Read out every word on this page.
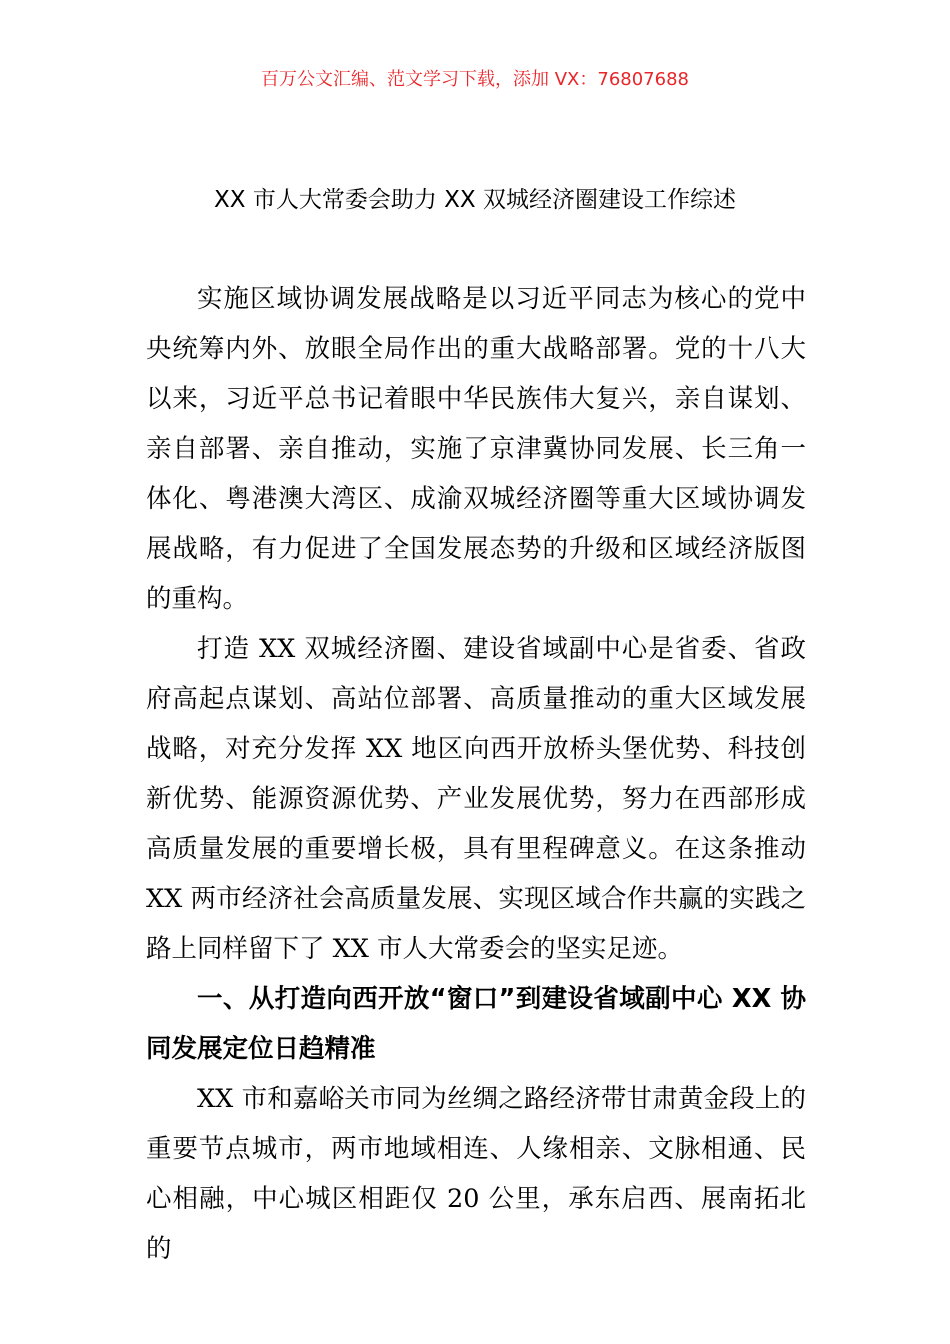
百万公文汇编、范文学习下载，添加 VX：76807688
XX 市人大常委会助力 XX 双城经济圈建设工作综述

实施区域协调发展战略是以习近平同志为核心的党中央统筹内外、放眼全局作出的重大战略部署。党的十八大以来，习近平总书记着眼中华民族伟大复兴，亲自谋划、亲自部署、亲自推动，实施了京津冀协同发展、长三角一体化、粤港澳大湾区、成渝双城经济圈等重大区域协调发展战略，有力促进了全国发展态势的升级和区域经济版图的重构。

打造 XX 双城经济圈、建设省域副中心是省委、省政府高起点谋划、高站位部署、高质量推动的重大区域发展战略，对充分发挥 XX 地区向西开放桥头堡优势、科技创新优势、能源资源优势、产业发展优势，努力在西部形成高质量发展的重要增长极，具有里程碑意义。在这条推动 XX 两市经济社会高质量发展、实现区域合作共赢的实践之路上同样留下了 XX 市人大常委会的坚实足迹。

一、从打造向西开放“窗口”到建设省域副中心 XX 协同发展定位日趋精准

XX 市和嘉峪关市同为丝绸之路经济带甘肃黄金段上的重要节点城市，两市地域相连、人缘相亲、文脉相通、民心相融，中心城区相距仅 20 公里，承东启西、展南拓北的
